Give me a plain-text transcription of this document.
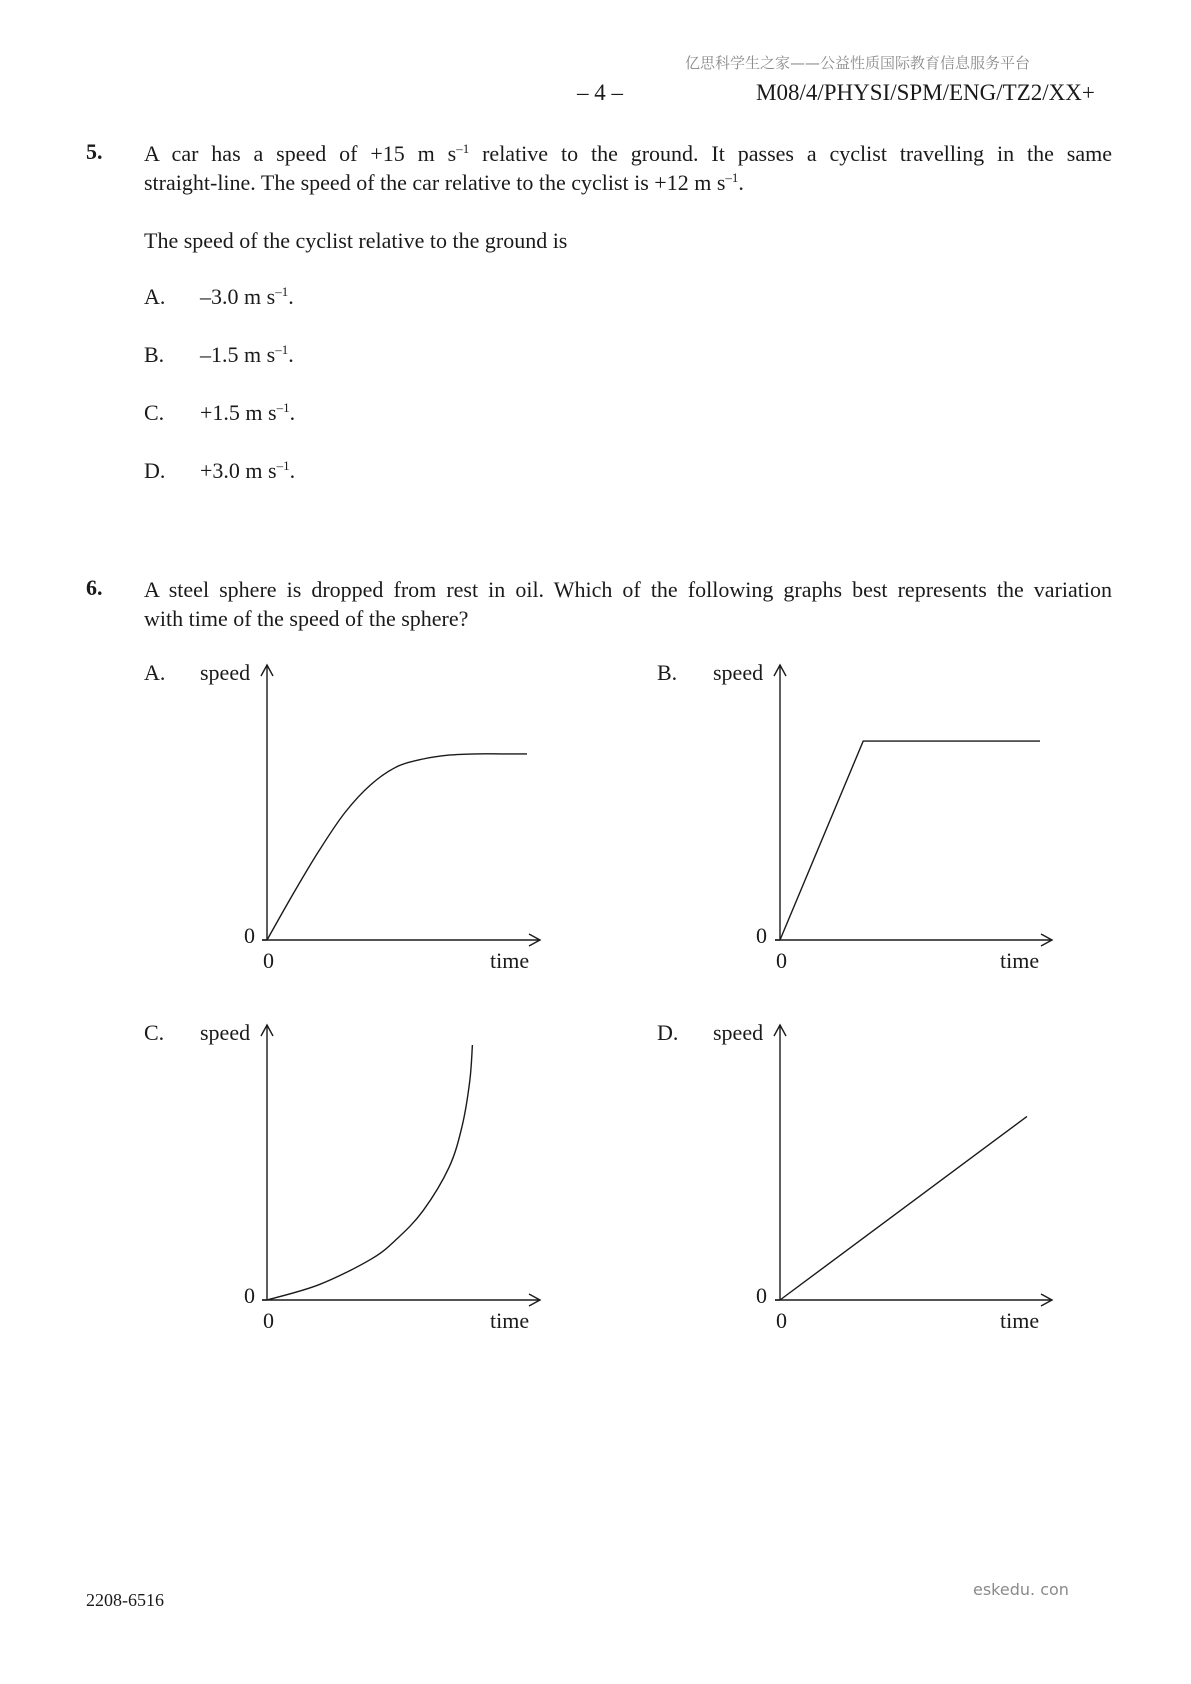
亿思科学生之家——公益性质国际教育信息服务平台
– 4 –	M08/4/PHYSI/SPM/ENG/TZ2/XX+
5. A car has a speed of +15 m $s^{-1}$ relative to the ground. It passes a cyclist travelling in the same
straight-line. The speed of the car relative to the cyclist is +12 m $s^{-1}$.
The speed of the cyclist relative to the ground is
A. –3.0 m $s^{-1}$.
B. –1.5 m $s^{-1}$.
C. +1.5 m $s^{-1}$.
D. +3.0 m $s^{-1}$.
6. A steel sphere is dropped from rest in oil. Which of the following graphs best represents the variation
with time of the speed of the sphere?
A. speed
0
0	time
B. speed
0
0	time
C. speed
0
0	time
D. speed
0
0	time
2208-6516
eskedu. con
